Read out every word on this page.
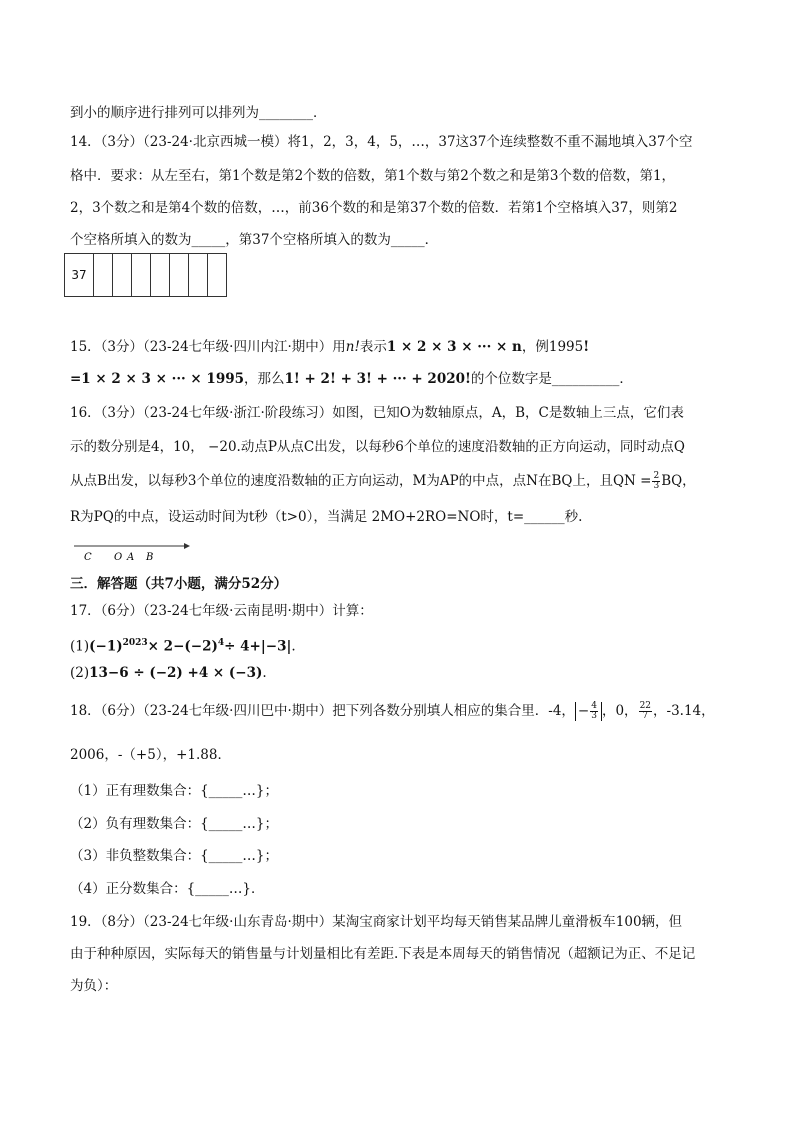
到小的顺序进行排列可以排列为________．
14．（3分）（23-24·北京西城一模）将1，2，3，4，5，…，37这37个连续整数不重不漏地填入37个空
格中．要求：从左至右，第1个数是第2个数的倍数，第1个数与第2个数之和是第3个数的倍数，第1，
2，3个数之和是第4个数的倍数，…，前36个数的和是第37个数的倍数．若第1个空格填入37，则第2
个空格所填入的数为_____，第37个空格所填入的数为_____．
37							
15．（3分）（23-24七年级·四川内江·期中）用n!表示1 × 2 × 3 × ··· × n，例1995!
=1 × 2 × 3 × ··· × 1995，那么1! + 2! + 3! + ··· + 2020!的个位数字是__________．
16．（3分）（23-24七年级·浙江·阶段练习）如图，已知O为数轴原点，A，B，C是数轴上三点，它们表
示的数分别是4，10， −20.动点P从点C出发，以每秒6个单位的速度沿数轴的正方向运动，同时动点Q
从点B出发，以每秒3个单位的速度沿数轴的正方向运动，M为AP的中点，点N在BQ上，且QN = $\frac{2}{3}$ BQ，
R为PQ的中点，设运动时间为t秒（t>0），当满足 2MO+2RO=NO时，t=______秒.
C O A B
三．解答题（共7小题，满分52分）
17．（6分）（23-24七年级·云南昆明·期中）计算：
$(1)(-1)^{2023}\times 2-(-2)^4\div 4+|-3|$.
(2)13−6 ÷ (−2) +4 × (−3).
18．（6分）（23-24七年级·四川巴中·期中）把下列各数分别填人相应的集合里．-4， − $\frac{4}{3}$ ，0， $\frac{22}{7}$ ，-3.14，
2006，-（+5），+1.88．
（1）正有理数集合：{_____…}；
（2）负有理数集合：{_____…}；
（3）非负整数集合：{_____…}；
（4）正分数集合：{_____…}．
19．（8分）（23-24七年级·山东青岛·期中）某淘宝商家计划平均每天销售某品牌儿童滑板车100辆，但
由于种种原因，实际每天的销售量与计划量相比有差距.下表是本周每天的销售情况（超额记为正、不足记
为负）：
